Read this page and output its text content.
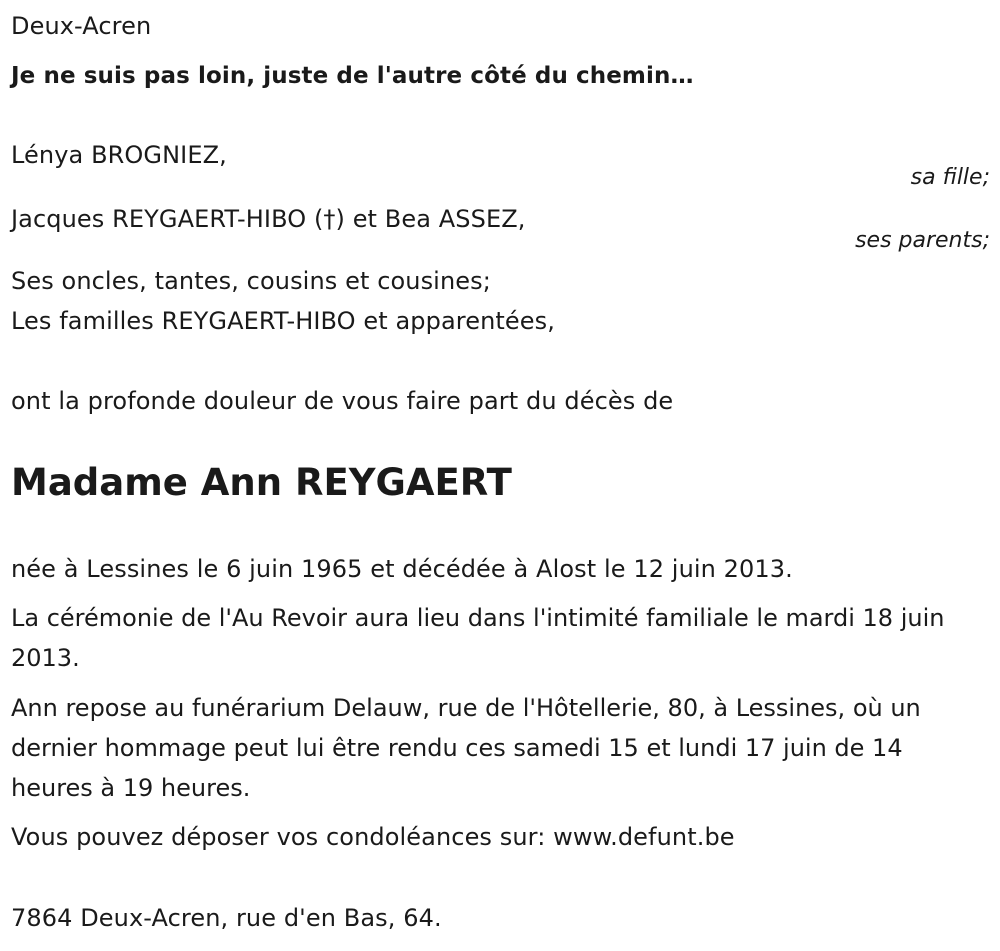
Deux-Acren
Je ne suis pas loin, juste de l'autre côté du chemin…
Lénya BROGNIEZ,
sa fille;
Jacques REYGAERT-HIBO (†) et Bea ASSEZ,
ses parents;
Ses oncles, tantes, cousins et cousines;
Les familles REYGAERT-HIBO et apparentées,
ont la profonde douleur de vous faire part du décès de
Madame Ann REYGAERT
née à Lessines le 6 juin 1965 et décédée à Alost le 12 juin 2013.
La cérémonie de l'Au Revoir aura lieu dans l'intimité familiale le mardi 18 juin 2013.
Ann repose au funérarium Delauw, rue de l'Hôtellerie, 80, à Lessines, où un dernier hommage peut lui être rendu ces samedi 15 et lundi 17 juin de 14 heures à 19 heures.
Vous pouvez déposer vos condoléances sur: www.defunt.be
7864 Deux-Acren, rue d'en Bas, 64.
